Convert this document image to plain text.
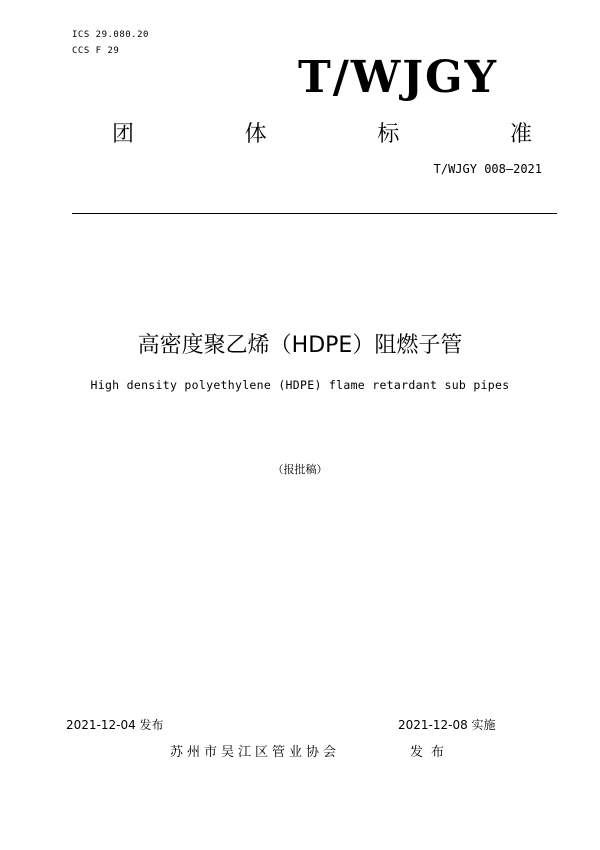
ICS 29.080.20
CCS F 29
T/WJGY
团	体	标	准
T/WJGY 008—2021
高密度聚乙烯（HDPE）阻燃子管
High density polyethylene (HDPE) flame retardant sub pipes
（报批稿）
2021-12-04 发布	2021-12-08 实施
苏州市吴江区管业协会	发布
